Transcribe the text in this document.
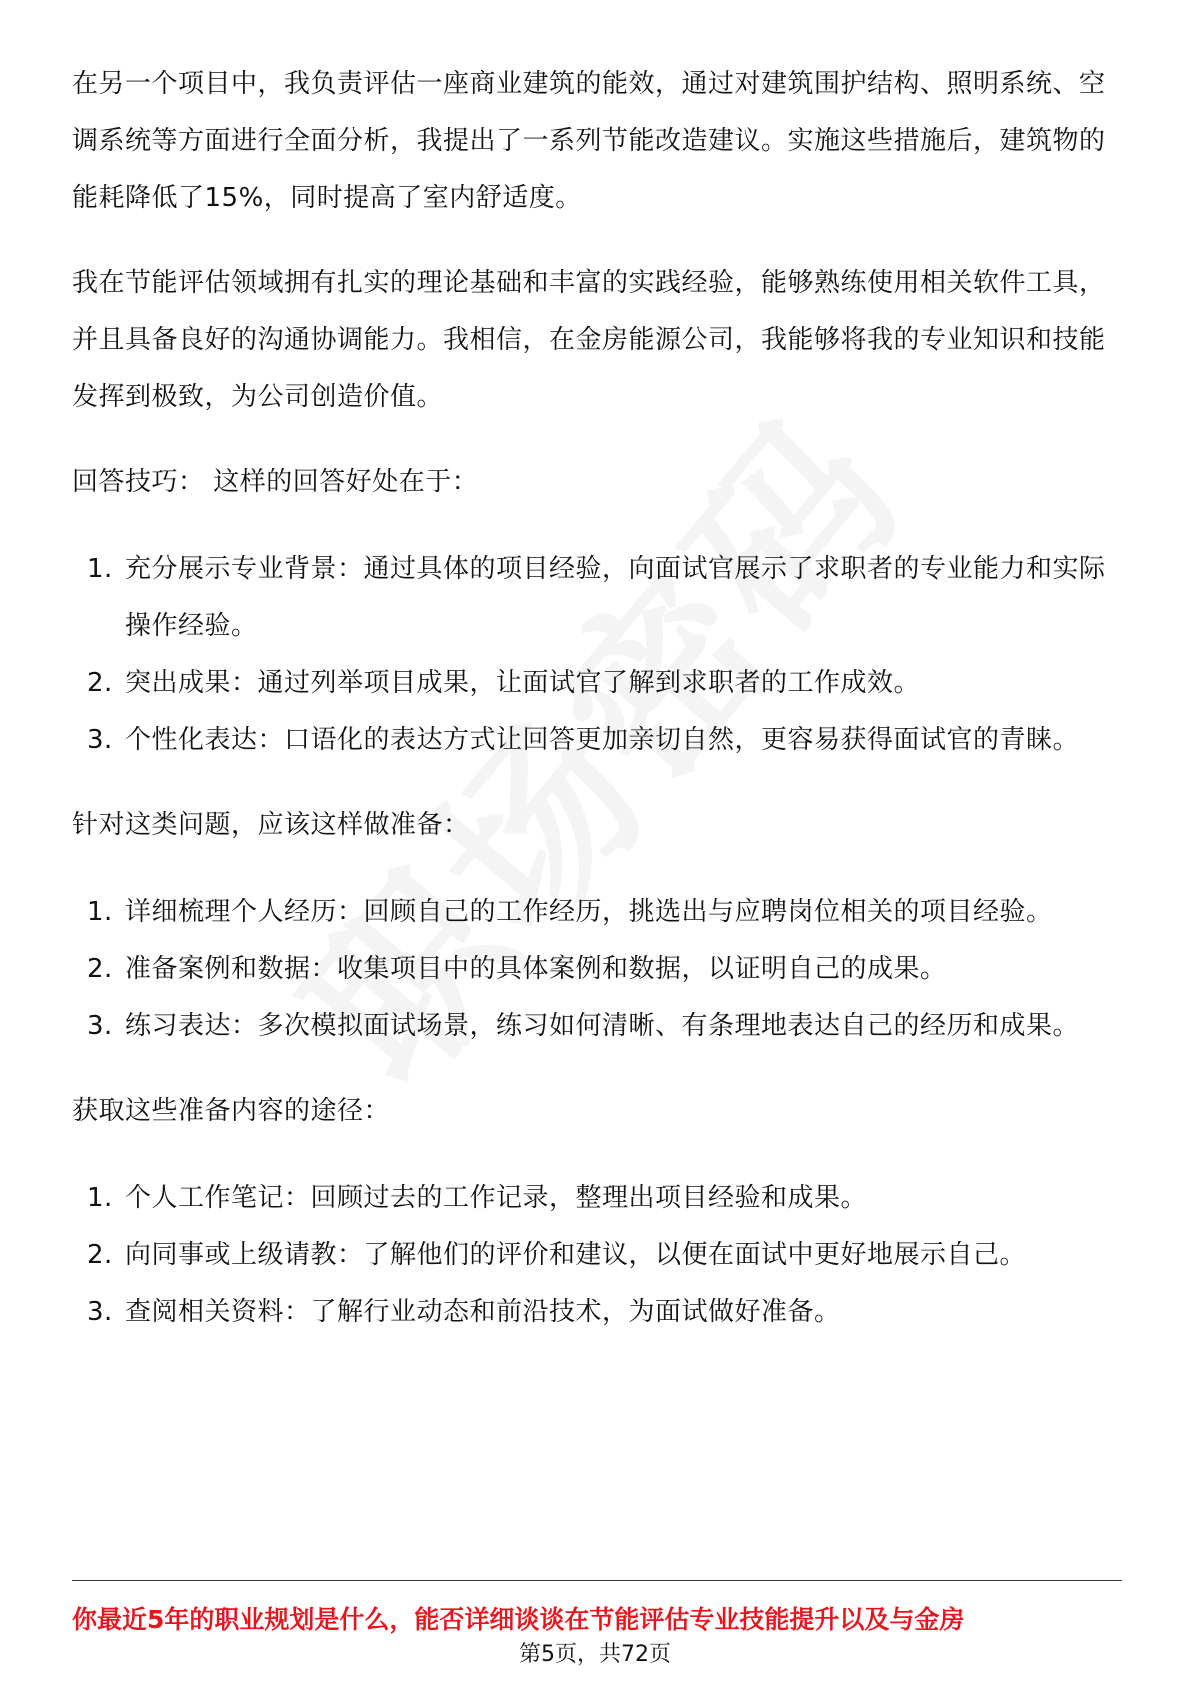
在另一个项目中，我负责评估一座商业建筑的能效，通过对建筑围护结构、照明系统、空调系统等方面进行全面分析，我提出了一系列节能改造建议。实施这些措施后，建筑物的能耗降低了15%，同时提高了室内舒适度。

我在节能评估领域拥有扎实的理论基础和丰富的实践经验，能够熟练使用相关软件工具，并且具备良好的沟通协调能力。我相信，在金房能源公司，我能够将我的专业知识和技能发挥到极致，为公司创造价值。

回答技巧： 这样的回答好处在于：

1. 充分展示专业背景：通过具体的项目经验，向面试官展示了求职者的专业能力和实际操作经验。
2. 突出成果：通过列举项目成果，让面试官了解到求职者的工作成效。
3. 个性化表达：口语化的表达方式让回答更加亲切自然，更容易获得面试官的青睐。

针对这类问题，应该这样做准备：

1. 详细梳理个人经历：回顾自己的工作经历，挑选出与应聘岗位相关的项目经验。
2. 准备案例和数据：收集项目中的具体案例和数据，以证明自己的成果。
3. 练习表达：多次模拟面试场景，练习如何清晰、有条理地表达自己的经历和成果。

获取这些准备内容的途径：

1. 个人工作笔记：回顾过去的工作记录，整理出项目经验和成果。
2. 向同事或上级请教：了解他们的评价和建议，以便在面试中更好地展示自己。
3. 查阅相关资料：了解行业动态和前沿技术，为面试做好准备。
你最近5年的职业规划是什么，能否详细谈谈在节能评估专业技能提升以及与金房
第5页，共72页
